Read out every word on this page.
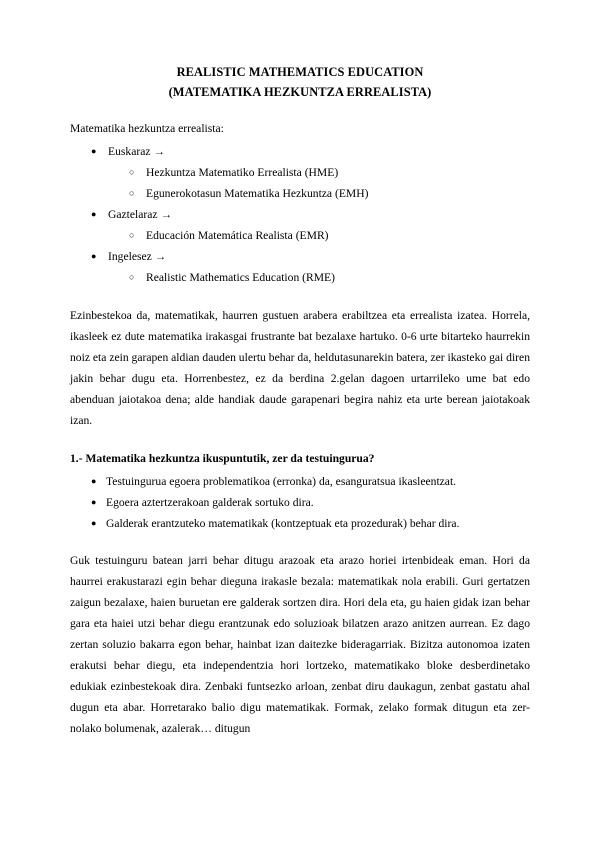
REALISTIC MATHEMATICS EDUCATION
(MATEMATIKA HEZKUNTZA ERREALISTA)

Matematika hezkuntza errealista:

● Euskaraz →
○ Hezkuntza Matematiko Errealista (HME)
○ Egunerokotasun Matematika Hezkuntza (EMH)
● Gaztelaraz →
○ Educación Matemática Realista (EMR)
● Ingelesez →
○ Realistic Mathematics Education (RME)

Ezinbestekoa da, matematikak, haurren gustuen arabera erabiltzea eta errealista izatea. Horrela, ikasleek ez dute matematika irakasgai frustrante bat bezalaxe hartuko. 0-6 urte bitarteko haurrekin noiz eta zein garapen aldian dauden ulertu behar da, heldutasunarekin batera, zer ikasteko gai diren jakin behar dugu eta. Horrenbestez, ez da berdina 2.gelan dagoen urtarrileko ume bat edo abenduan jaiotakoa dena; alde handiak daude garapenari begira nahiz eta urte berean jaiotakoak izan.

1.- Matematika hezkuntza ikuspuntutik, zer da testuingurua?
● Testuingurua egoera problematikoa (erronka) da, esanguratsua ikasleentzat.
● Egoera aztertzerakoan galderak sortuko dira.
● Galderak erantzuteko matematikak (kontzeptuak eta prozedurak) behar dira.

Guk testuinguru batean jarri behar ditugu arazoak eta arazo horiei irtenbideak eman. Hori da haurrei erakustarazi egin behar dieguna irakasle bezala: matematikak nola erabili. Guri gertatzen zaigun bezalaxe, haien buruetan ere galderak sortzen dira. Hori dela eta, gu haien gidak izan behar gara eta haiei utzi behar diegu erantzunak edo soluzioak bilatzen arazo anitzen aurrean. Ez dago zertan soluzio bakarra egon behar, hainbat izan daitezke bideragarriak. Bizitza autonomoa izaten erakutsi behar diegu, eta independentzia hori lortzeko, matematikako bloke desberdinetako edukiak ezinbestekoak dira. Zenbaki funtsezko arloan, zenbat diru daukagun, zenbat gastatu ahal dugun eta abar. Horretarako balio digu matematikak. Formak, zelako formak ditugun eta zer-nolako bolumenak, azalerak… ditugun
